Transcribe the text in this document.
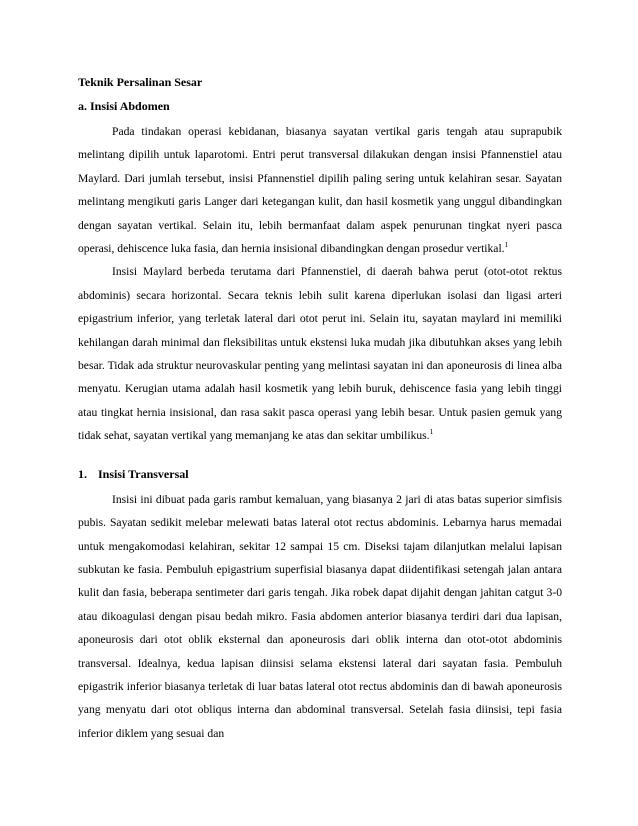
Teknik Persalinan Sesar

a. Insisi Abdomen

Pada tindakan operasi kebidanan, biasanya sayatan vertikal garis tengah atau suprapubik melintang dipilih untuk laparotomi. Entri perut transversal dilakukan dengan insisi Pfannenstiel atau Maylard. Dari jumlah tersebut, insisi Pfannenstiel dipilih paling sering untuk kelahiran sesar. Sayatan melintang mengikuti garis Langer dari ketegangan kulit, dan hasil kosmetik yang unggul dibandingkan dengan sayatan vertikal. Selain itu, lebih bermanfaat dalam aspek penurunan tingkat nyeri pasca operasi, dehiscence luka fasia, dan hernia insisional dibandingkan dengan prosedur vertikal.$^1$

Insisi Maylard berbeda terutama dari Pfannenstiel, di daerah bahwa perut (otot-otot rektus abdominis) secara horizontal. Secara teknis lebih sulit karena diperlukan isolasi dan ligasi arteri epigastrium inferior, yang terletak lateral dari otot perut ini. Selain itu, sayatan maylard ini memiliki kehilangan darah minimal dan fleksibilitas untuk ekstensi luka mudah jika dibutuhkan akses yang lebih besar. Tidak ada struktur neurovaskular penting yang melintasi sayatan ini dan aponeurosis di linea alba menyatu. Kerugian utama adalah hasil kosmetik yang lebih buruk, dehiscence fasia yang lebih tinggi atau tingkat hernia insisional, dan rasa sakit pasca operasi yang lebih besar. Untuk pasien gemuk yang tidak sehat, sayatan vertikal yang memanjang ke atas dan sekitar umbilikus.$^1$

1. Insisi Transversal

Insisi ini dibuat pada garis rambut kemaluan, yang biasanya 2 jari di atas batas superior simfisis pubis. Sayatan sedikit melebar melewati batas lateral otot rectus abdominis. Lebarnya harus memadai untuk mengakomodasi kelahiran, sekitar 12 sampai 15 cm. Diseksi tajam dilanjutkan melalui lapisan subkutan ke fasia. Pembuluh epigastrium superfisial biasanya dapat diidentifikasi setengah jalan antara kulit dan fasia, beberapa sentimeter dari garis tengah. Jika robek dapat dijahit dengan jahitan catgut 3-0 atau dikoagulasi dengan pisau bedah mikro. Fasia abdomen anterior biasanya terdiri dari dua lapisan, aponeurosis dari otot oblik eksternal dan aponeurosis dari oblik interna dan otot-otot abdominis transversal. Idealnya, kedua lapisan diinsisi selama ekstensi lateral dari sayatan fasia. Pembuluh epigastrik inferior biasanya terletak di luar batas lateral otot rectus abdominis dan di bawah aponeurosis yang menyatu dari otot obliqus interna dan abdominal transversal. Setelah fasia diinsisi, tepi fasia inferior diklem yang sesuai dan
